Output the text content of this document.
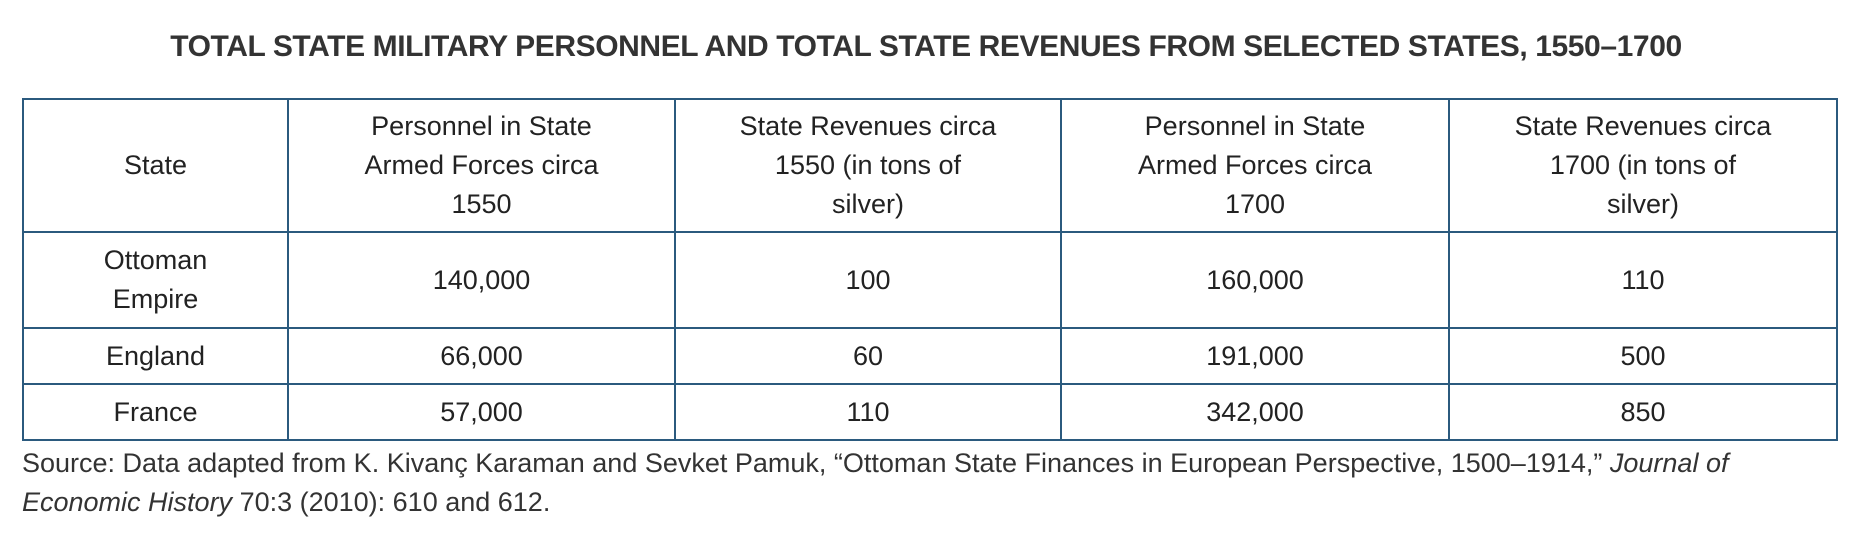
TOTAL STATE MILITARY PERSONNEL AND TOTAL STATE REVENUES FROM SELECTED STATES, 1550–1700
State	Personnel in State Armed Forces circa 1550	State Revenues circa 1550 (in tons of silver)	Personnel in State Armed Forces circa 1700	State Revenues circa 1700 (in tons of silver)
Ottoman Empire	140,000	100	160,000	110
England	66,000	60	191,000	500
France	57,000	110	342,000	850
Source: Data adapted from K. Kivanç Karaman and Sevket Pamuk, “Ottoman State Finances in European Perspective, 1500–1914,” Journal of Economic History 70:3 (2010): 610 and 612.
